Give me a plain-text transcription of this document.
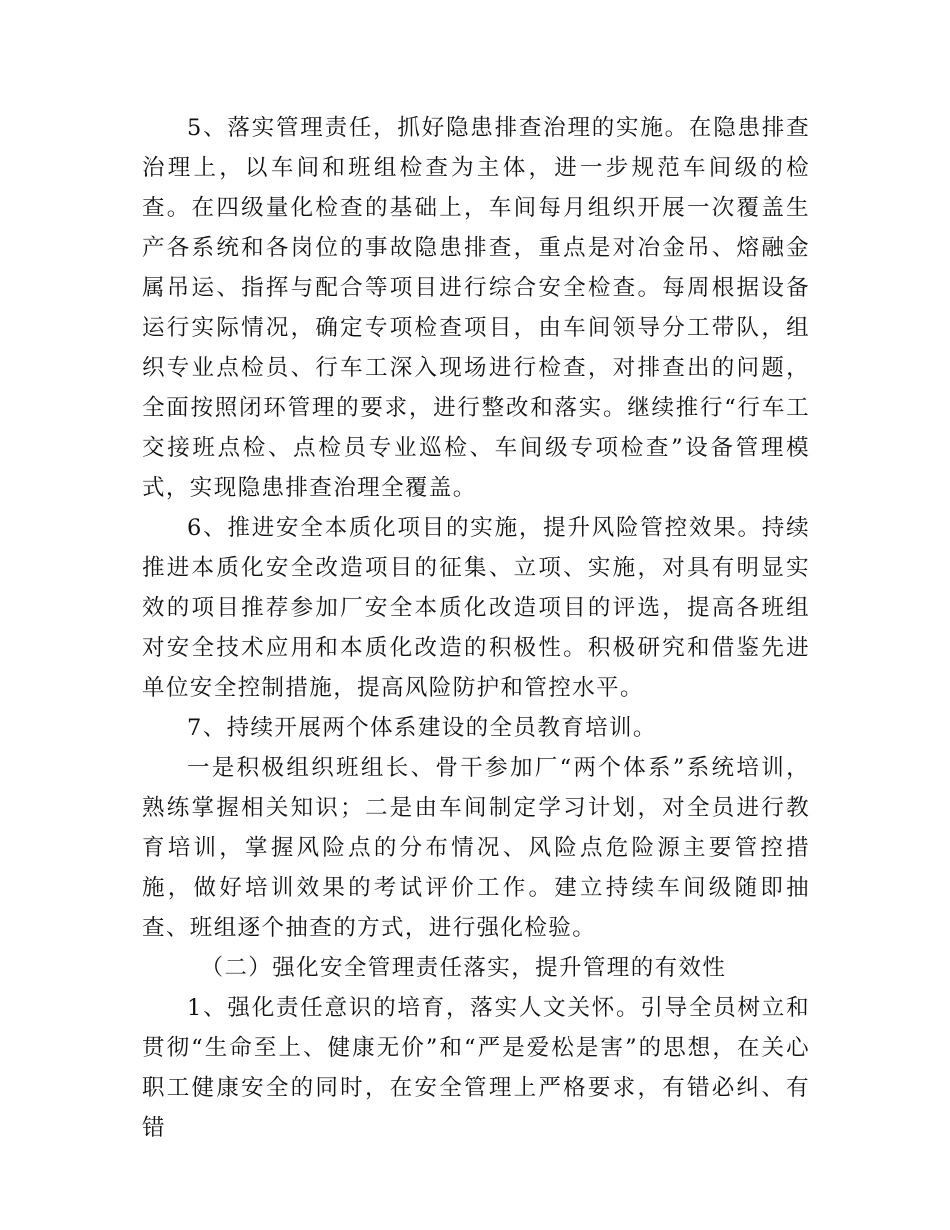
5、落实管理责任，抓好隐患排查治理的实施。在隐患排查治理上，以车间和班组检查为主体，进一步规范车间级的检查。在四级量化检查的基础上，车间每月组织开展一次覆盖生产各系统和各岗位的事故隐患排查，重点是对冶金吊、熔融金属吊运、指挥与配合等项目进行综合安全检查。每周根据设备运行实际情况，确定专项检查项目，由车间领导分工带队，组织专业点检员、行车工深入现场进行检查，对排查出的问题，全面按照闭环管理的要求，进行整改和落实。继续推行“行车工交接班点检、点检员专业巡检、车间级专项检查”设备管理模式，实现隐患排查治理全覆盖。

6、推进安全本质化项目的实施，提升风险管控效果。持续推进本质化安全改造项目的征集、立项、实施，对具有明显实效的项目推荐参加厂安全本质化改造项目的评选，提高各班组对安全技术应用和本质化改造的积极性。积极研究和借鉴先进单位安全控制措施，提高风险防护和管控水平。

7、持续开展两个体系建设的全员教育培训。

一是积极组织班组长、骨干参加厂“两个体系”系统培训，熟练掌握相关知识；二是由车间制定学习计划，对全员进行教育培训，掌握风险点的分布情况、风险点危险源主要管控措施，做好培训效果的考试评价工作。建立持续车间级随即抽查、班组逐个抽查的方式，进行强化检验。

（二）强化安全管理责任落实，提升管理的有效性

1、强化责任意识的培育，落实人文关怀。引导全员树立和贯彻“生命至上、健康无价”和“严是爱松是害”的思想，在关心职工健康安全的同时，在安全管理上严格要求，有错必纠、有错
